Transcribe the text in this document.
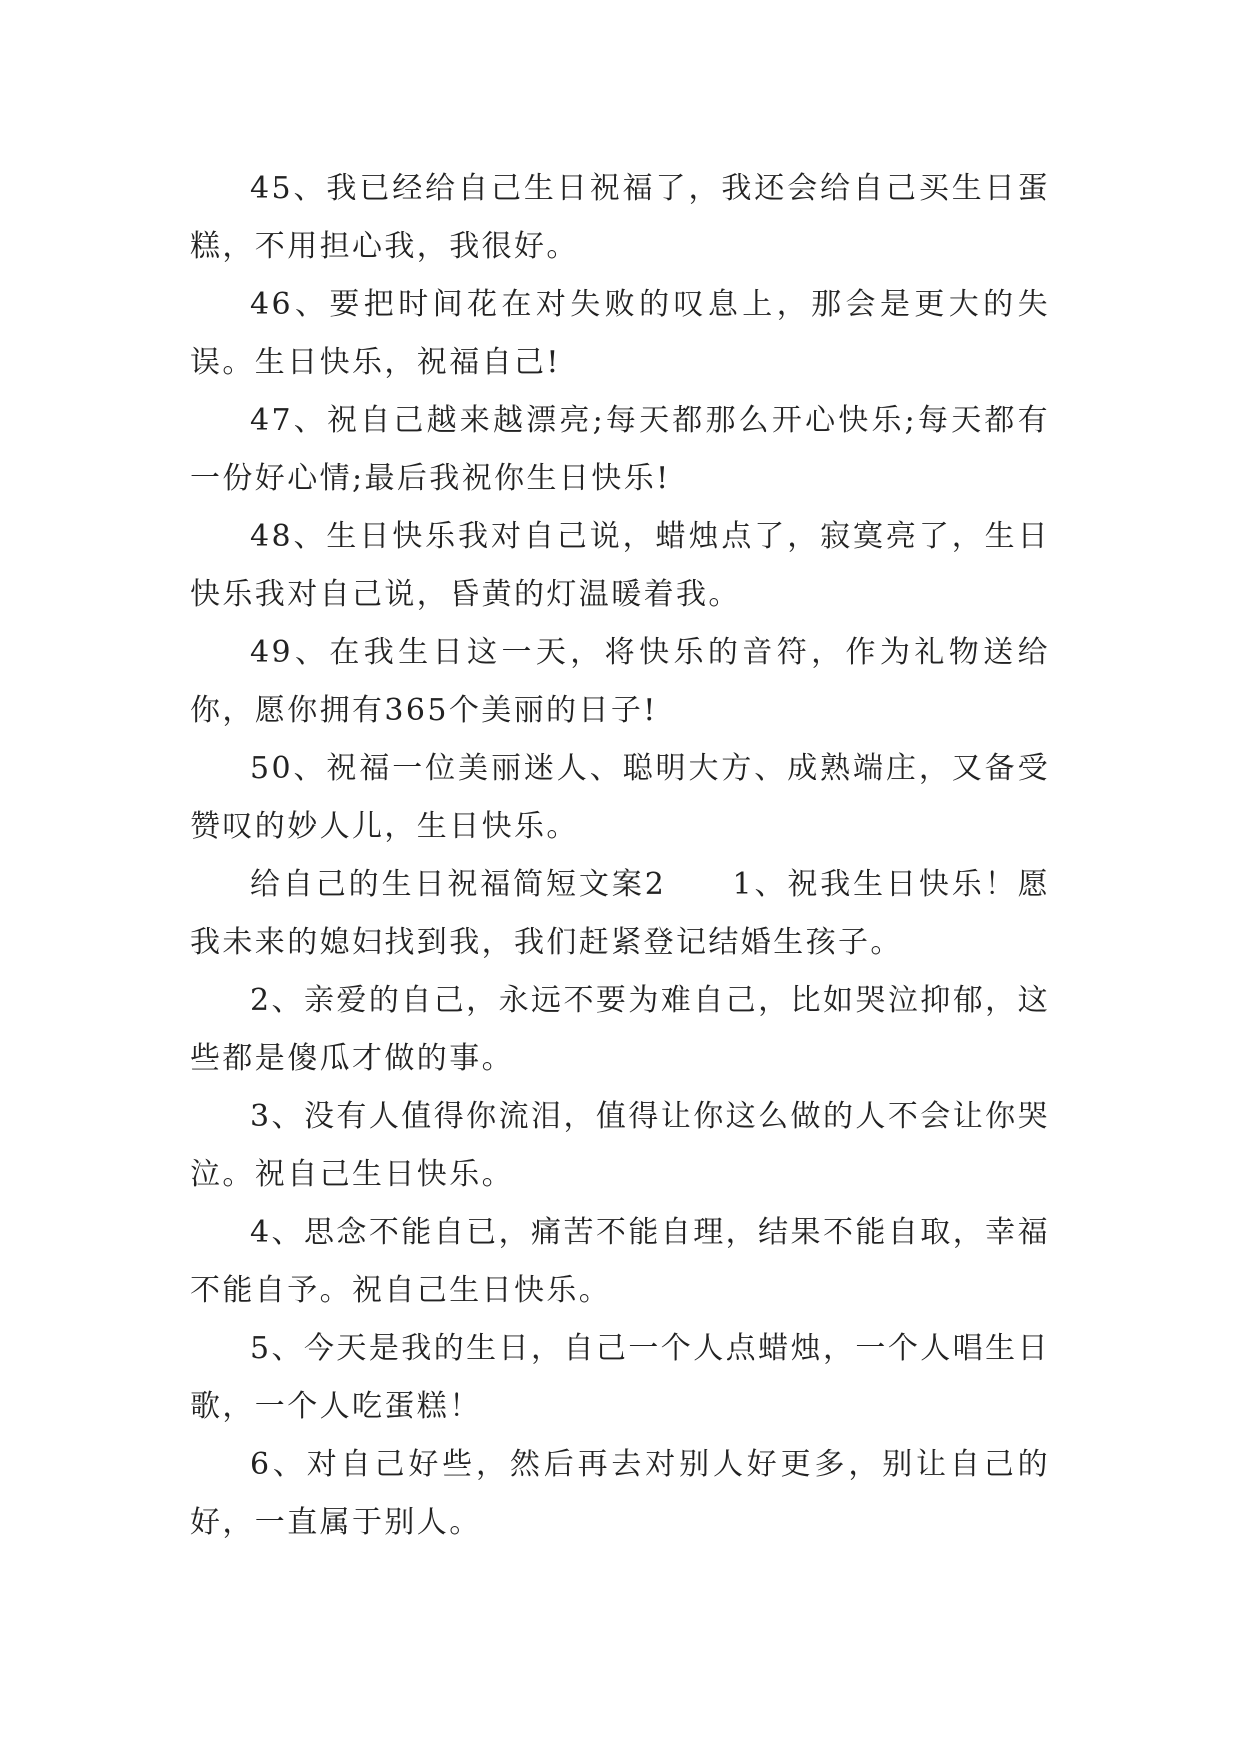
45、我已经给自己生日祝福了，我还会给自己买生日蛋糕，不用担心我，我很好。

46、要把时间花在对失败的叹息上，那会是更大的失误。生日快乐，祝福自己!

47、祝自己越来越漂亮;每天都那么开心快乐;每天都有一份好心情;最后我祝你生日快乐!

48、生日快乐我对自己说，蜡烛点了，寂寞亮了，生日快乐我对自己说，昏黄的灯温暖着我。

49、在我生日这一天，将快乐的音符，作为礼物送给你，愿你拥有365个美丽的日子!

50、祝福一位美丽迷人、聪明大方、成熟端庄，又备受赞叹的妙人儿，生日快乐。

给自己的生日祝福简短文案2　　1、祝我生日快乐！愿我未来的媳妇找到我，我们赶紧登记结婚生孩子。

2、亲爱的自己，永远不要为难自己，比如哭泣抑郁，这些都是傻瓜才做的事。

3、没有人值得你流泪，值得让你这么做的人不会让你哭泣。祝自己生日快乐。

4、思念不能自已，痛苦不能自理，结果不能自取，幸福不能自予。祝自己生日快乐。

5、今天是我的生日，自己一个人点蜡烛，一个人唱生日歌，一个人吃蛋糕！

6、对自己好些，然后再去对别人好更多，别让自己的好，一直属于别人。
